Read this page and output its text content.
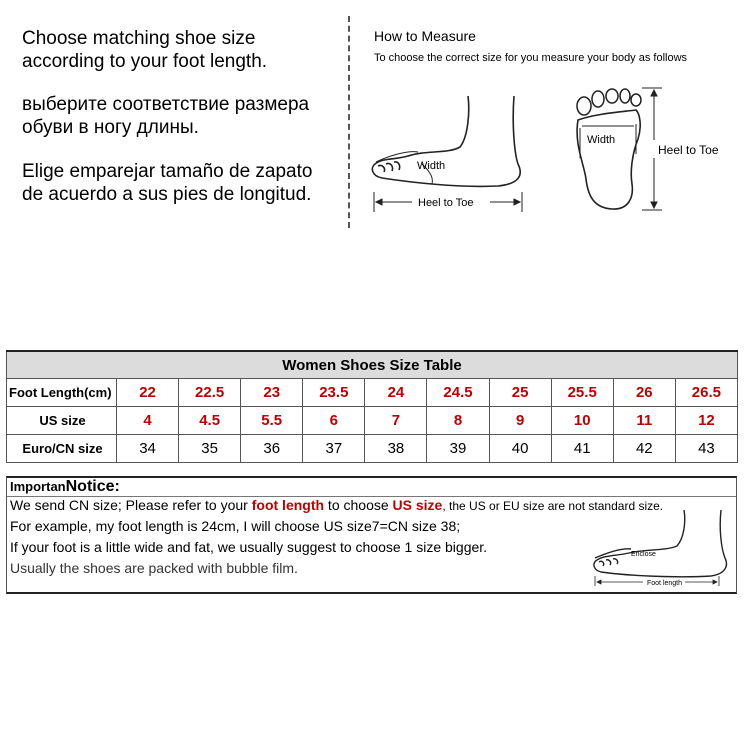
Choose matching shoe size

according to your foot length.

выберите соответствие размера

обуви в ногу длины.

Elige emparejar tamaño de zapato

de acuerdo a sus pies de longitud.

How to Measure
To choose the correct size for you measure your body as follows
Width
Heel to Toe
Width
Heel to Toe
Women Shoes Size Table										
Foot Length(cm)	22	22.5	23	23.5	24	24.5	25	25.5	26	26.5
US size	4	4.5	5.5	6	7	8	9	10	11	12
Euro/CN size	34	35	36	37	38	39	40	41	42	43
ImportanNotice:
We send CN size; Please refer to your foot length to choose US size, the US or EU size are not standard size.
For example, my foot length is 24cm, I will choose US size7=CN size 38;
If your foot is a little wide and fat, we usually suggest to choose 1 size bigger.
Usually the shoes are packed with bubble film.
Enclose
Foot length
